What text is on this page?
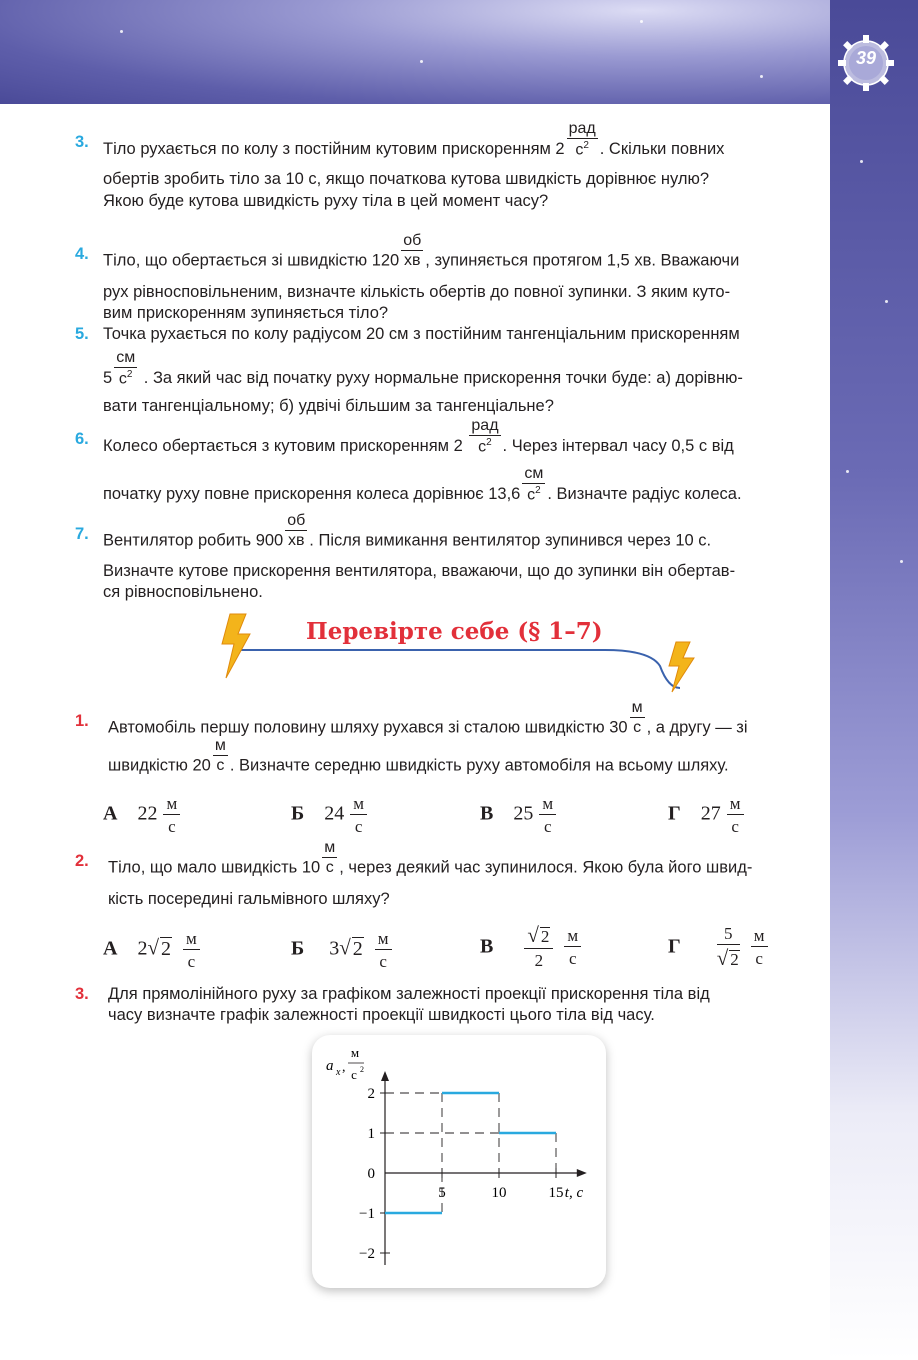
39
3. Тіло рухається по колу з постійним кутовим прискоренням $2 \frac{\text{рад}}{с^2}$ . Скільки повних
обертів зробить тіло за 10 с, якщо початкова кутова швидкість дорівнює нулю?
Якою буде кутова швидкість руху тіла в цей момент часу?
4. Тіло, що обертається зі швидкістю $120 \frac{об}{хв}$ , зупиняється протягом 1,5 хв. Вважаючи
рух рівносповільненим, визначте кількість обертів до повної зупинки. З яким куто-
вим прискоренням зупиняється тіло?
5. Точка рухається по колу радіусом 20 см з постійним тангенціальним прискоренням
$5 \frac{см}{с^2}$ . За який час від початку руху нормальне прискорення точки буде: а) дорівню-
вати тангенціальному; б) удвічі більшим за тангенціальне?
6. Колесо обертається з кутовим прискоренням $2 \frac{\text{рад}}{с^2}$ . Через інтервал часу 0,5 с від
початку руху повне прискорення колеса дорівнює $13,6 \frac{см}{с^2}$ . Визначте радіус колеса.
7. Вентилятор робить $900 \frac{об}{хв}$ . Після вимикання вентилятор зупинився через 10 с.
Визначте кутове прискорення вентилятора, вважаючи, що до зупинки він обертав-
ся рівносповільнено.
Перевірте себе (§ 1–7)
1. Автомобіль першу половину шляху рухався зі сталою швидкістю $30 \frac{м}{с}$ , а другу — зі
швидкістю $20 \frac{м}{с}$ . Визначте середню швидкість руху автомобіля на всьому шляху.
А 22 м
с
Б 24 м
с
В 25 м
с
Г 27 м
с
2. Тіло, що мало швидкість $10 \frac{м}{с}$ , через деякий час зупинилося. Якою була його швид-
кість посередині гальмівного шляху?
А 2√ 2 м
с
Б 3√ 2 м
с
В $\frac{√ 2}{2}$
м
с
Г $\frac{5}{√ 2}$
м
с
3. Для прямолінійного руху за графіком залежності проекції прискорення тіла від
часу визначте графік залежності проекції швидкості цього тіла від часу.
2
1
0
−1
−2
5	10	15 t, с
a x ,
м
с 2
